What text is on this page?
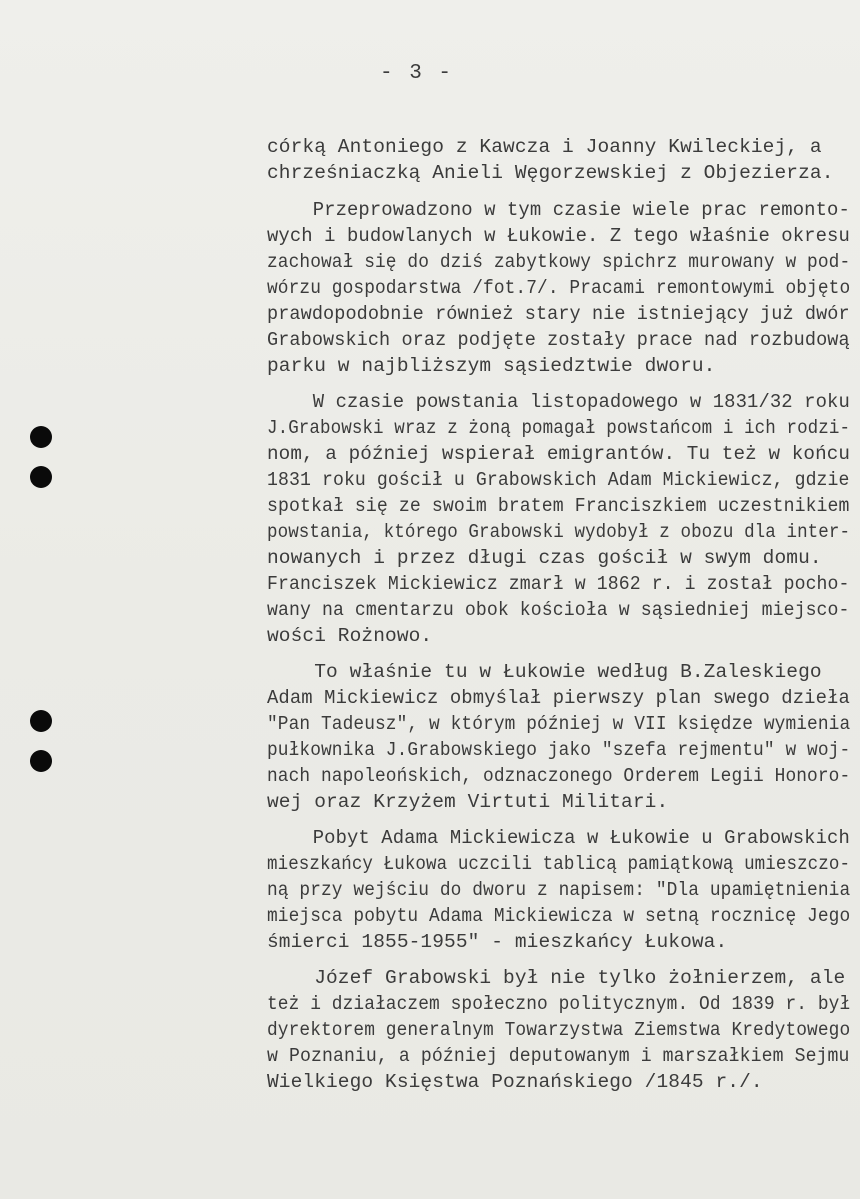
- 3 -
córką Antoniego z Kawcza i Joanny Kwileckiej, a
chrześniaczką Anieli Węgorzewskiej z Objezierza.
Przeprowadzono w tym czasie wiele prac remonto-
wych i budowlanych w Łukowie. Z tego właśnie okresu
zachował się do dziś zabytkowy spichrz murowany w pod-
wórzu gospodarstwa /fot.7/. Pracami remontowymi objęto
prawdopodobnie również stary nie istniejący już dwór
Grabowskich oraz podjęte zostały prace nad rozbudową
parku w najbliższym sąsiedztwie dworu.
W czasie powstania listopadowego w 1831/32 roku
J.Grabowski wraz z żoną pomagał powstańcom i ich rodzi-
nom, a później wspierał emigrantów. Tu też w końcu
1831 roku gościł u Grabowskich Adam Mickiewicz, gdzie
spotkał się ze swoim bratem Franciszkiem uczestnikiem
powstania, którego Grabowski wydobył z obozu dla inter-
nowanych i przez długi czas gościł w swym domu.
Franciszek Mickiewicz zmarł w 1862 r. i został pocho-
wany na cmentarzu obok kościoła w sąsiedniej miejsco-
wości Rożnowo.
To właśnie tu w Łukowie według B.Zaleskiego
Adam Mickiewicz obmyślał pierwszy plan swego dzieła
"Pan Tadeusz", w którym później w VII księdze wymienia
pułkownika J.Grabowskiego jako "szefa rejmentu" w woj-
nach napoleońskich, odznaczonego Orderem Legii Honoro-
wej oraz Krzyżem Virtuti Militari.
Pobyt Adama Mickiewicza w Łukowie u Grabowskich
mieszkańcy Łukowa uczcili tablicą pamiątkową umieszczo-
ną przy wejściu do dworu z napisem: "Dla upamiętnienia
miejsca pobytu Adama Mickiewicza w setną rocznicę Jego
śmierci 1855-1955" - mieszkańcy Łukowa.
Józef Grabowski był nie tylko żołnierzem, ale
też i działaczem społeczno politycznym. Od 1839 r. był
dyrektorem generalnym Towarzystwa Ziemstwa Kredytowego
w Poznaniu, a później deputowanym i marszałkiem Sejmu
Wielkiego Księstwa Poznańskiego /1845 r./.
